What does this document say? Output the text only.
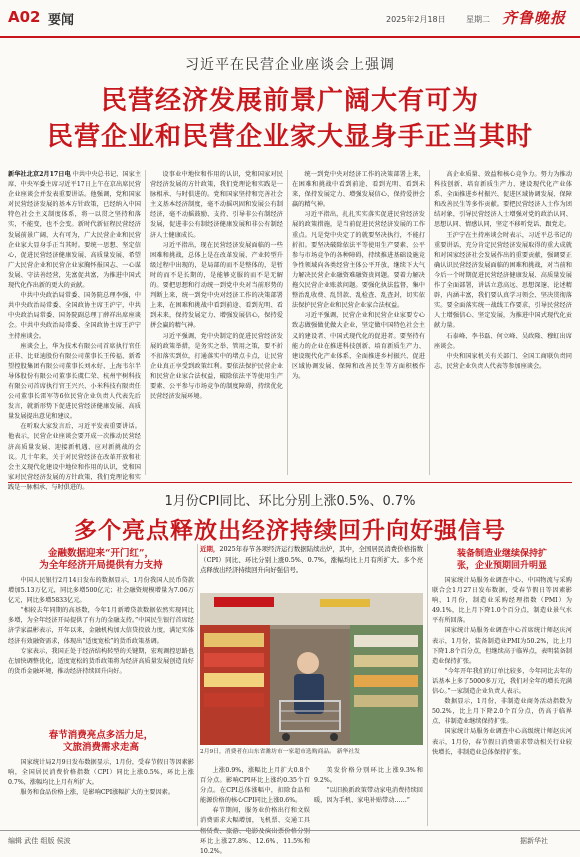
A02 要闻	2025年2月18日	星期二 齐鲁晚报
习近平在民营企业座谈会上强调
民营经济发展前景广阔大有可为
民营企业和民营企业家大显身手正当其时

新华社北京2月17日电 中共中央总书记、国家主席、中央军委主席习近平17日上午在京出席民营企业座谈会并发表重要讲话。他强调，党和国家对民营经济发展的基本方针政策，已经纳入中国特色社会主义制度体系，将一以贯之坚持和落实，不能变，也不会变。新时代新征程民营经济发展前景广阔、大有可为，广大民营企业和民营企业家大显身手正当其时。要统一思想、坚定信心，促进民营经济健康发展、高质量发展，希望广大民营企业和民营企业家胸怀报国志、一心谋发展、守法善经营，先富促共富，为推进中国式现代化作出新的更大的贡献。

中共中央政治局常委、国务院总理李强，中共中央政治局常委、全国政协主席王沪宁，中共中央政治局常委、国务院副总理丁薛祥出席座谈会。中共中央政治局常委、全国政协主席王沪宁主持座谈会。

座谈会上，华为技术有限公司首席执行官任正非、比亚迪股份有限公司董事长王传福、新希望控股集团有限公司董事长刘永好、上海韦尔半导体股份有限公司董事长虞仁荣、杭州宇树科技有限公司首席执行官王兴兴、小米科技有限责任公司董事长雷军等6位民营企业负责人代表先后发言，就新形势下促进民营经济健康发展、高质量发展提出意见和建议。

在听取大家发言后，习近平发表重要讲话。他表示，民营企业座谈会要开成一次推动民营经济高质量发展、迎接新机遇、应对新挑战的会议。几十年来，关于对民营经济在改革开放和社会主义现代化建设中地位和作用的认识，党和国家对民营经济发展的方针政策，我们党理论和实践是一脉相承、与时俱进的。

设事业中地位和作用的认识，党和国家对民营经济发展的方针政策，我们党理论和实践是一脉相承、与时俱进的。党和国家坚持和完善社会主义基本经济制度，毫不动摇巩固和发展公有制经济，毫不动摇鼓励、支持、引导非公有制经济发展，促进非公有制经济健康发展和非公有制经济人士健康成长。

习近平指出，现在民营经济发展面临的一些困难和挑战，总体上是在改革发展、产业转型升级过程中出现的，是局部的而不是整体的，是暂时的而不是长期的，是能够克服的而不是无解的。要把思想和行动统一到党中央对当前形势的判断上来，统一到党中央对经济工作的决策部署上来，在困难和挑战中看到前途、看到光明、看到未来，保持发展定力、增强发展信心，保持爱拼会赢的精气神。

习近平强调，党中央制定的促进民营经济发展的政策举措，是务实之举、管用之策，要不折不扣落实到位，打通落实中的堵点卡点，让民营企业真正享受到政策红利。要依法保护民营企业和民营企业家合法权益，破除依法平等使用生产要素、公平参与市场竞争的制度障碍，持续优化民营经济发展环境。

统一到党中央对经济工作的决策部署上来，在困难和挑战中看到前途、看到光明、看到未来，保持发展定力、增强发展信心，保持爱拼会赢的精气神。

习近平指出，扎扎实实落实促进民营经济发展的政策措施，是当前促进民营经济发展的工作重点。凡是党中央定了的就要坚决执行，不能打折扣。要坚决破除依法平等使用生产要素、公平参与市场竞争的各种障碍，持续推进基础设施竞争性领域向各类经营主体公平开放，继续下大气力解决民营企业融资难融资贵问题。要着力解决拖欠民营企业账款问题。要强化执法监督，集中整治乱收费、乱罚款、乱检查、乱查封，切实依法保护民营企业和民营企业家合法权益。

习近平强调，民营企业和民营企业家要专心致志做强做优做大企业，坚定做中国特色社会主义的建设者、中国式现代化的促进者。要坚持有能力的企业在推进科技创新、培育新质生产力、建设现代化产业体系、全面推进乡村振兴、促进区域协调发展、保障和改善民生等方面积极作为。

高企业质量、效益和核心竞争力。努力为推动科技创新、培育新质生产力、建设现代化产业体系、全面推进乡村振兴、促进区域协调发展、保障和改善民生等多作贡献。要把民营经济人士作为团结对象，引导民营经济人士增强对党的政治认同、思想认同、情感认同，坚定不移听党话、跟党走。

王沪宁在主持座谈会时表示，习近平总书记的重要讲话，充分肯定民营经济发展取得的重大成就和对国家经济社会发展作出的重要贡献，强调要正确认识民营经济发展面临的困难和挑战，对当前和今后一个时期促进民营经济健康发展、高质量发展作了全面部署，讲话立意高远、思想深邃、论述精辟，内涵丰富，我们要认真学习领会、坚决贯彻落实。要全面落实统一战线工作要求，引导民营经济人士增强信心、坚定发展，为推进中国式现代化贡献力量。

石泰峰、李书磊、何立峰、吴政隆、穆虹出席座谈会。

中央和国家机关有关部门、全国工商联负责同志，民营企业负责人代表等参加座谈会。

1月份CPI同比、环比分别上涨0.5%、0.7%
多个亮点释放出经济持续回升向好强信号
金融数据迎来“开门红”，
为全年经济开局提供有力支持

中国人民银行2月14日发布的数据显示，1月份我国人民币贷款增加5.13万亿元，同比多增500亿元；社会融资规模增量为7.06万亿元，同比多增5833亿元。

“相较去年同期的高基数，今年1月新增贷款数据依然实现同比多增，为全年经济开局提供了有力的金融支持。”中国民生银行首席经济学家温彬表示，开年以来，金融机构加大信贷投放力度，满足实体经济有效融资需求，体现出“适度宽松”的货币政策基调。

专家表示，我国正处于经济结构转型的关键期，宏观调控思路也在加快调整优化，适度宽松的货币政策将为经济高质量发展创造良好的货币金融环境，推动经济持续回升向好。

春节消费亮点多活力足，
文旅消费需求走高

国家统计局2月9日发布数据显示，1月份，受春节假日等因素影响，全国居民消费价格指数（CPI）同比上涨0.5%，环比上涨0.7%，涨幅均比上月有所扩大。

服务和食品价格上涨，是影响CPI涨幅扩大的主要因素。

近期，2025年春节各项经济运行数据陆续出炉，其中，全国居民消费价格指数（CPI）同比、环比分别上涨0.5%、0.7%，涨幅均比上月有所扩大。多个亮点释放出经济持续回升向好强信号。
2月9日，消费者在山东省潍坊市一家超市选购商品。 新华社发

上涨0.9%，涨幅比上月扩大0.8个百分点。影响CPI环比上涨约0.35个百分点。在CPI总体涨幅中，扣除食品和能源价格的核心CPI同比上涨0.6%。

春节期间，服务业价格出行和文娱消费需求大幅增加，飞机票、交通工具租赁费、旅游、电影及演出票价格分别环比上涨27.8%、12.6%、11.5%和10.2%。

美发价格分别环比上涨9.3%和9.2%。

“以旧换新政策带动家电消费持续回暖，因为手机、家电补贴带动……”

装备制造业继续保持扩
张，企业预期回升明显

国家统计局服务业调查中心、中国物流与采购联合会1月27日发布数据，受春节假日等因素影响，1月份，制造业采购经理指数（PMI）为49.1%，比上月下降1.0个百分点，制造业景气水平有所回落。

国家统计局服务业调查中心首席统计师赵庆河表示，1月份，装备制造业PMI为50.2%，比上月下降1.8个百分点，但继续高于临界点，表明装备制造业保持扩张。

“今年开年我们的订单比较多，今年同比去年的话基本上多了5000多万元，我们对全年的增长充满信心。”一家制造企业负责人表示。

数据显示，1月份，非制造业商务活动指数为50.2%，比上月下降2.0个百分点，仍高于临界点，非制造业继续保持扩张。

国家统计局服务业调查中心高级统计师赵庆河表示，1月份，春节假日消费需求带动相关行业较快增长，非制造业总体保持扩张。

编辑 武佳 组版 侯波	据新华社
